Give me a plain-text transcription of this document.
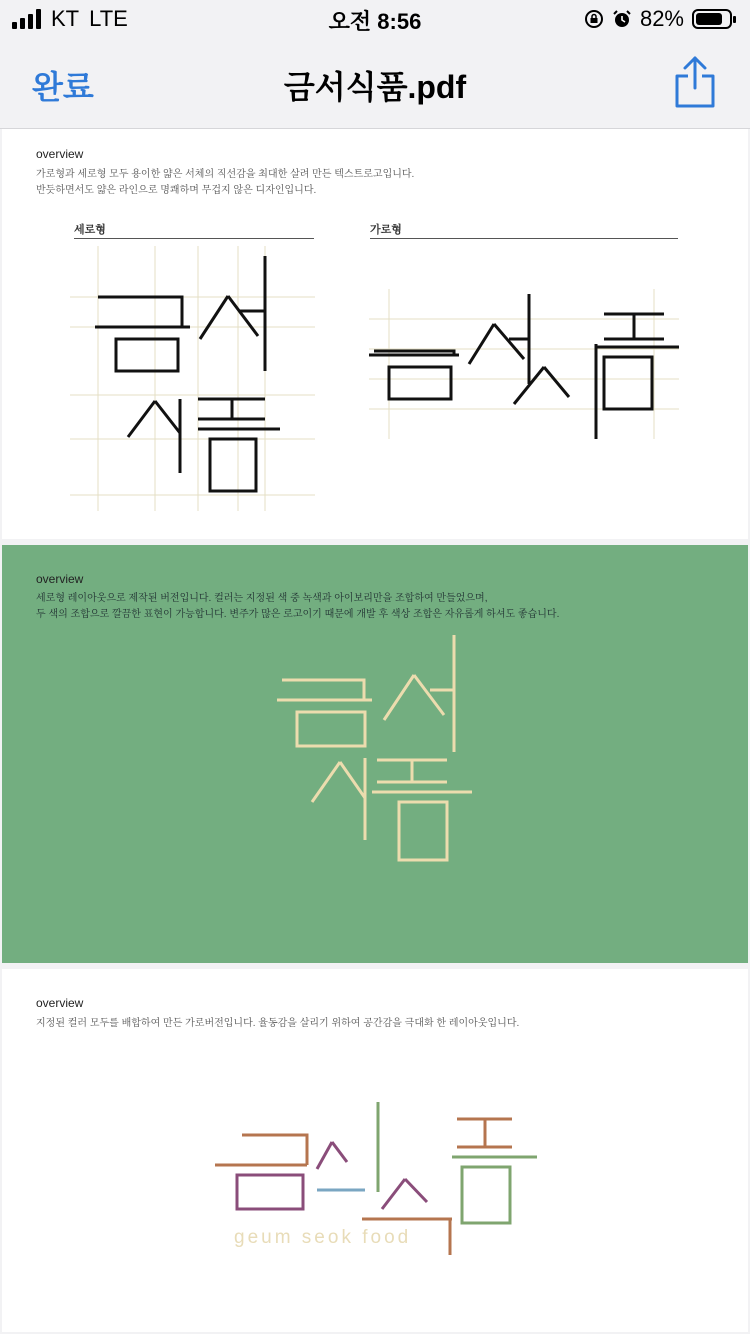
KT LTE	오전 8:56	82%
완료	금서식품.pdf
overview
가로형과 세로형 모두 용이한 얇은 서체의 직선감을 최대한 살려 만든 텍스트로고입니다.
반듯하면서도 얇은 라인으로 명쾌하며 무겁지 않은 디자인입니다.
세로형	가로형
overview
세로형 레이아웃으로 제작된 버전입니다. 컬러는 지정된 색 중 녹색과 아이보리만을 조합하여 만들었으며,
두 색의 조합으로 깔끔한 표현이 가능합니다. 변주가 많은 로고이기 때문에 개발 후 색상 조합은 자유롭게 하셔도 좋습니다.
overview
지정된 컬러 모두를 배합하여 만든 가로버전입니다. 율동감을 살리기 위하여 공간감을 극대화 한 레이아웃입니다.
geum seok food
